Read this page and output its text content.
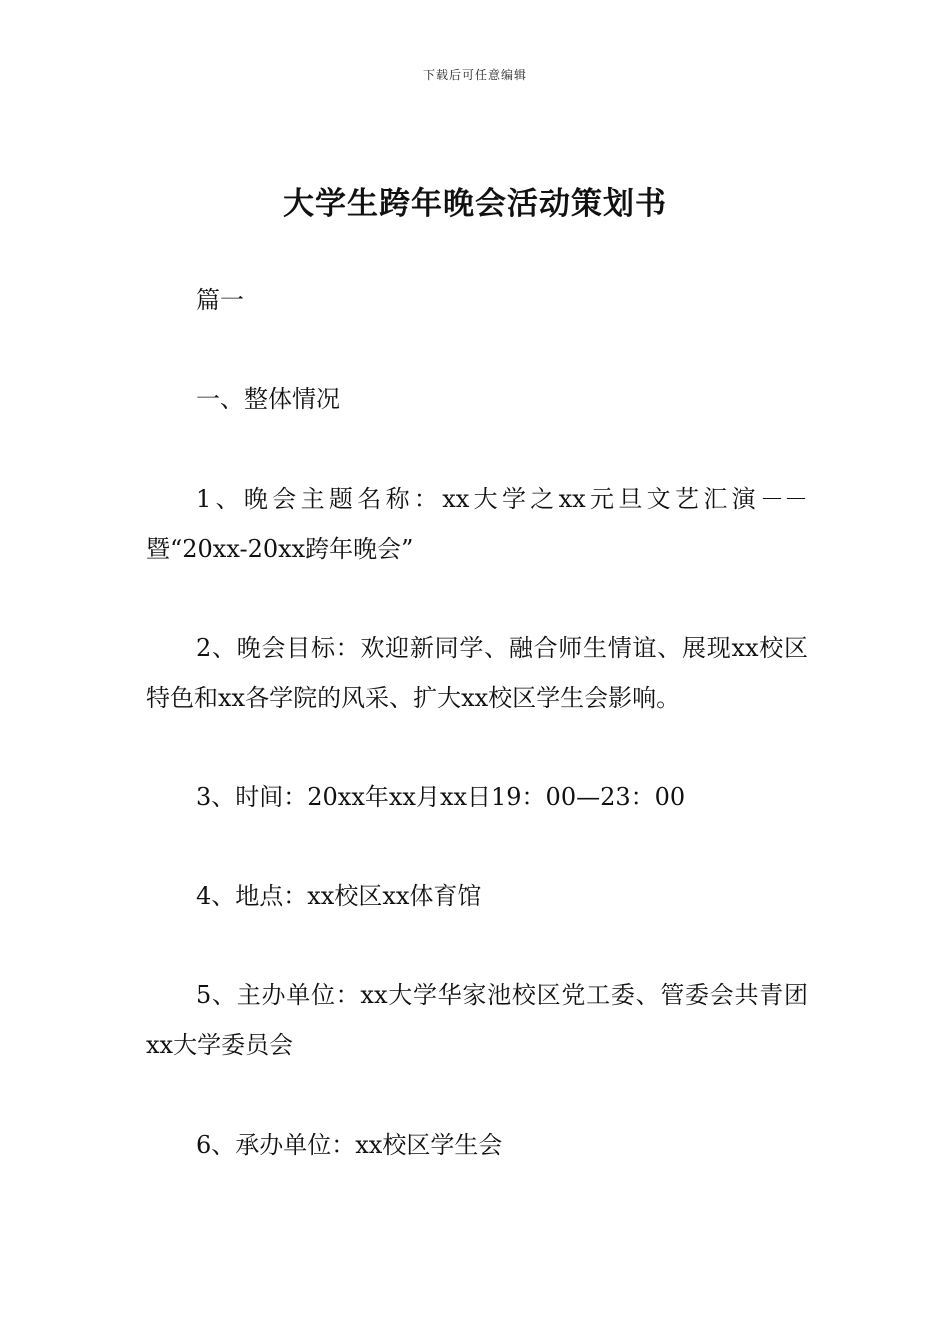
下载后可任意编辑
大学生跨年晚会活动策划书
篇一
一、整体情况
1、晚会主题名称：xx大学之xx元旦文艺汇演－－暨“20xx-20xx跨年晚会”
2、晚会目标：欢迎新同学、融合师生情谊、展现xx校区特色和xx各学院的风采、扩大xx校区学生会影响。
3、时间：20xx年xx月xx日19：00—23：00
4、地点：xx校区xx体育馆
5、主办单位：xx大学华家池校区党工委、管委会共青团xx大学委员会
6、承办单位：xx校区学生会
